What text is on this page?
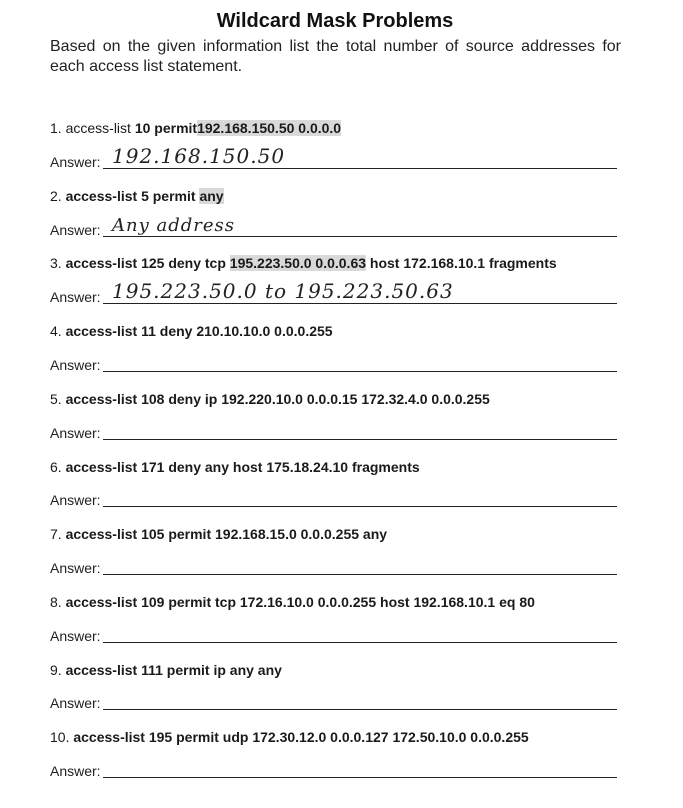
Wildcard Mask Problems
Based on the given information list the total number of source addresses for each access list statement.
1. access-list 10 permit192.168.150.50 0.0.0.0
Answer: 192.168.150.50
2. access-list 5 permit any
Answer: Any address
3. access-list 125 deny tcp 195.223.50.0 0.0.0.63 host 172.168.10.1 fragments
Answer: 195.223.50.0 to 195.223.50.63
4. access-list 11 deny 210.10.10.0 0.0.0.255
Answer:
5. access-list 108 deny ip 192.220.10.0 0.0.0.15 172.32.4.0 0.0.0.255
Answer:
6. access-list 171 deny any host 175.18.24.10 fragments
Answer:
7. access-list 105 permit 192.168.15.0 0.0.0.255 any
Answer:
8. access-list 109 permit tcp 172.16.10.0 0.0.0.255 host 192.168.10.1 eq 80
Answer:
9. access-list 111 permit ip any any
Answer:
10. access-list 195 permit udp 172.30.12.0 0.0.0.127 172.50.10.0 0.0.0.255
Answer:
